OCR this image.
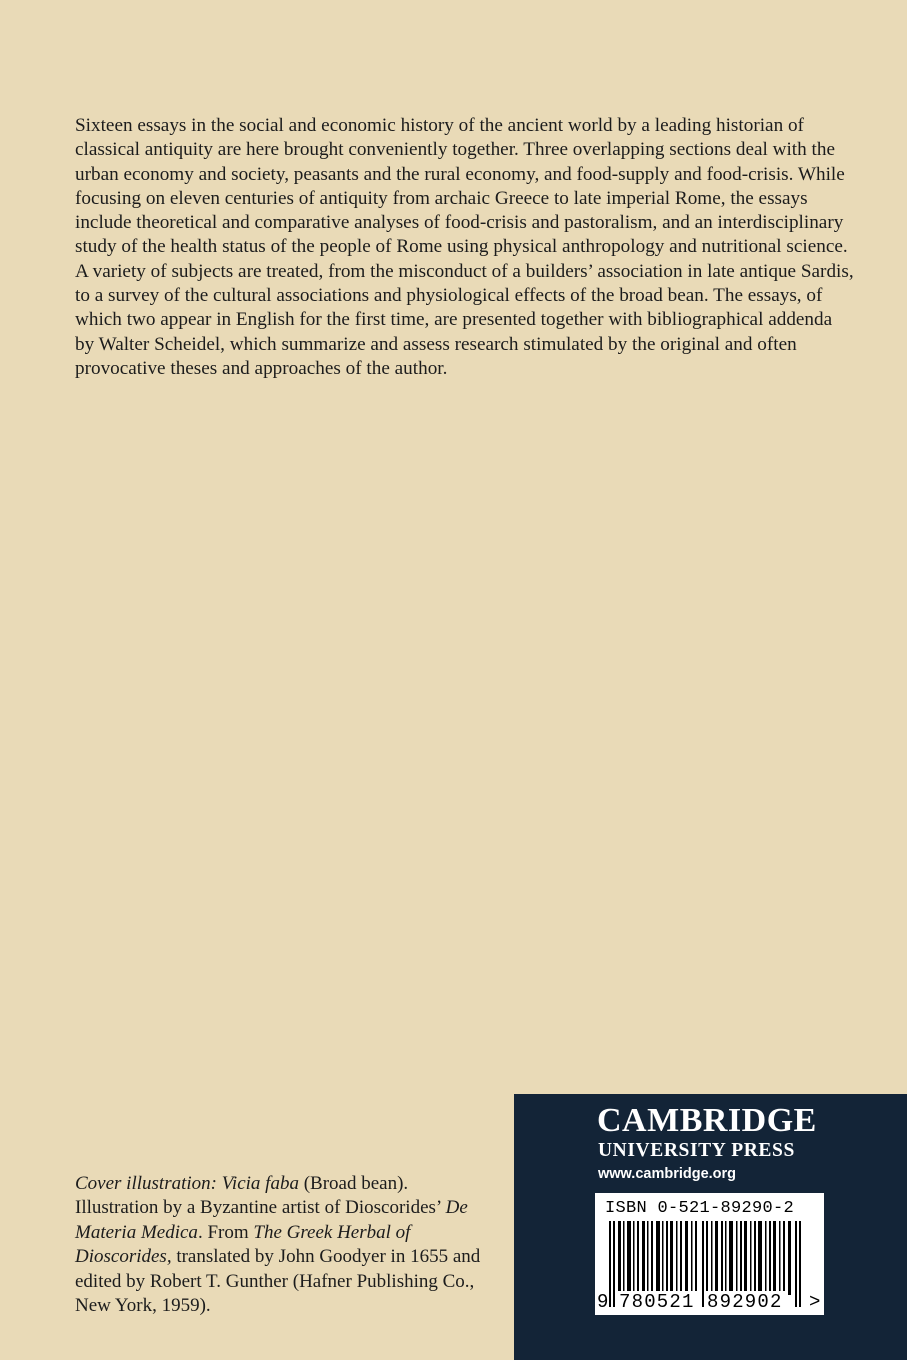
Sixteen essays in the social and economic history of the ancient world by a leading historian of classical antiquity are here brought conveniently together. Three overlapping sections deal with the urban economy and society, peasants and the rural economy, and food-supply and food-crisis. While focusing on eleven centuries of antiquity from archaic Greece to late imperial Rome, the essays include theoretical and comparative analyses of food-crisis and pastoralism, and an interdisciplinary study of the health status of the people of Rome using physical anthropology and nutritional science. A variety of subjects are treated, from the misconduct of a builders’ association in late antique Sardis, to a survey of the cultural associations and physiological effects of the broad bean. The essays, of which two appear in English for the first time, are presented together with bibliographical addenda by Walter Scheidel, which summarize and assess research stimulated by the original and often provocative theses and approaches of the author.

Cover illustration: Vicia faba (Broad bean).
Illustration by a Byzantine artist of Dioscorides’ De Materia Medica. From The Greek Herbal of Dioscorides, translated by John Goodyer in 1655 and edited by Robert T. Gunther (Hafner Publishing Co., New York, 1959).

CAMBRIDGE
UNIVERSITY PRESS
www.cambridge.org
ISBN 0-521-89290-2
9 780521 892902 >
